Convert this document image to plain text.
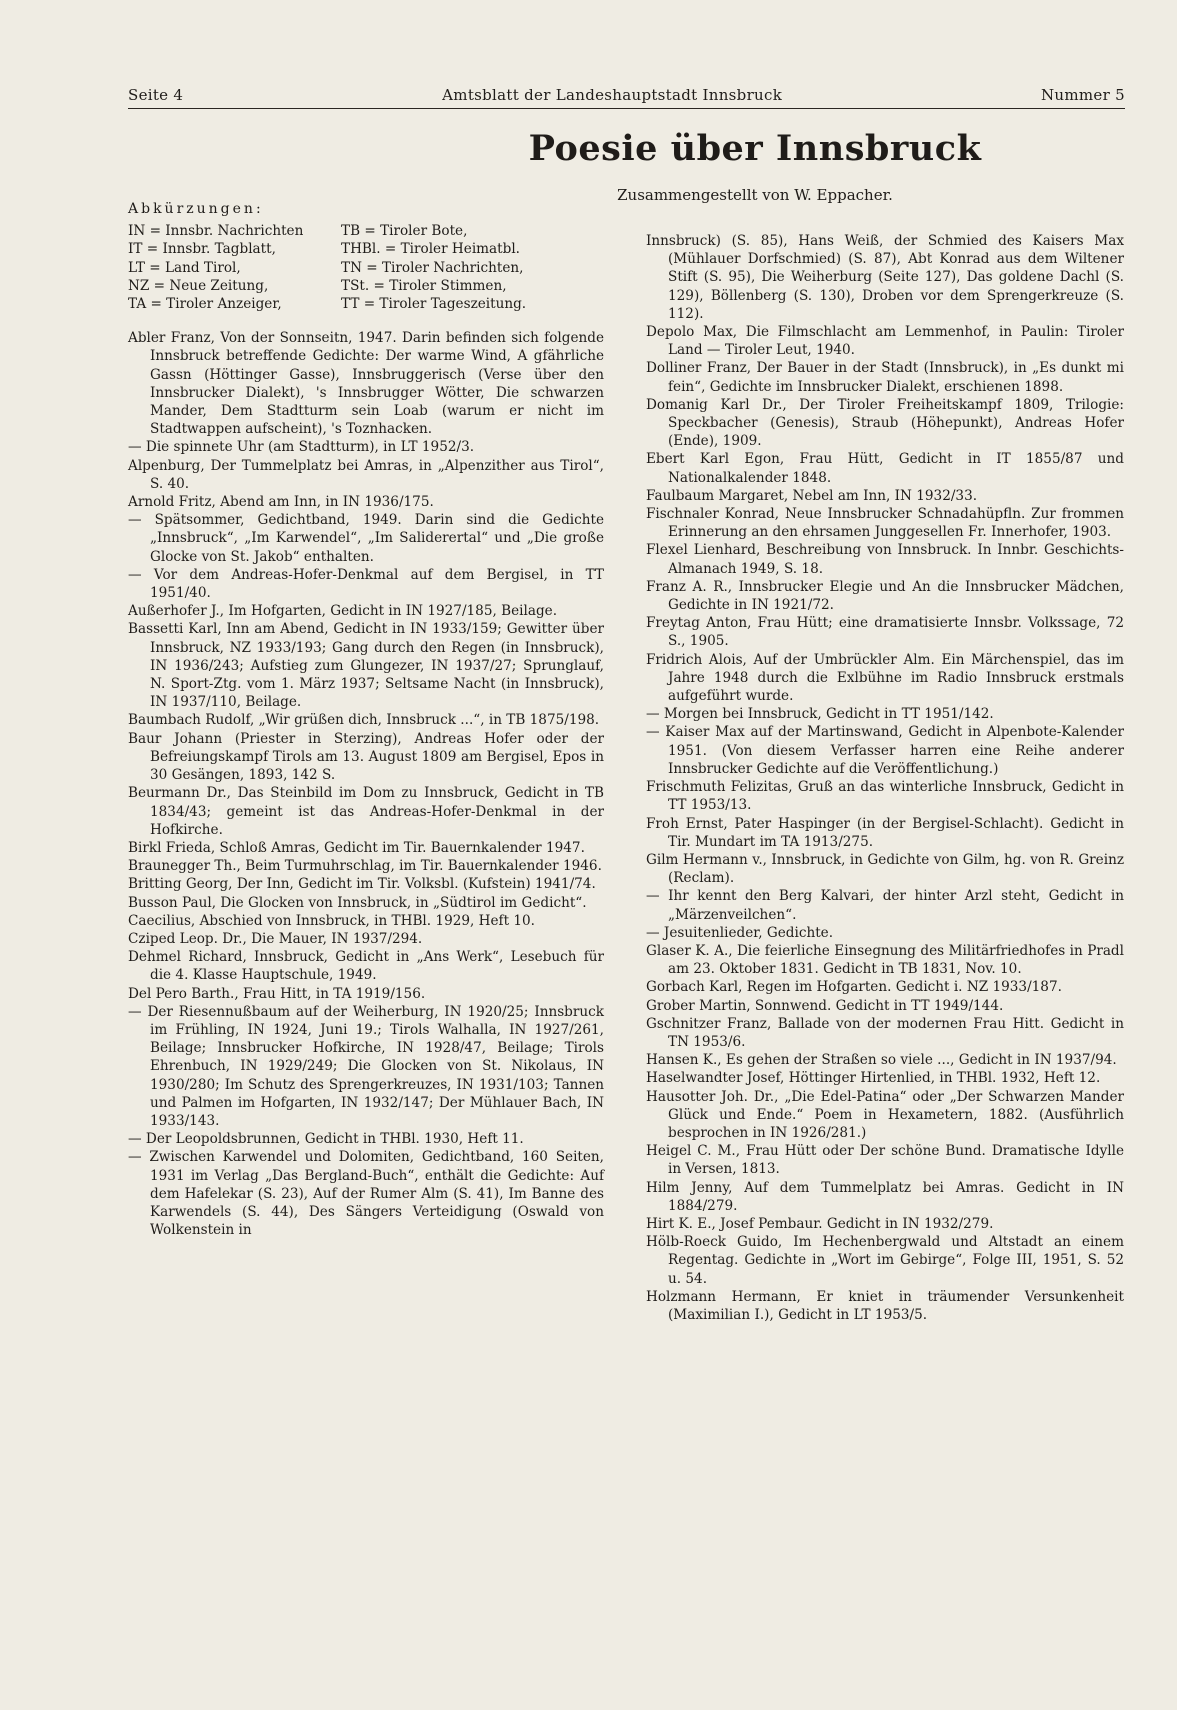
Seite 4	Amtsblatt der Landeshauptstadt Innsbruck	Nummer 5
Poesie über Innsbruck
Zusammengestellt von W. Eppacher.
Abkürzungen:
IN = Innsbr. Nachrichten	TB = Tiroler Bote,
IT = Innsbr. Tagblatt,	THBl. = Tiroler Heimatbl.
LT = Land Tirol,	TN = Tiroler Nachrichten,
NZ = Neue Zeitung,	TSt. = Tiroler Stimmen,
TA = Tiroler Anzeiger,	TT = Tiroler Tageszeitung.

Abler Franz, Von der Sonnseitn, 1947. Darin befinden sich folgende Innsbruck betreffende Gedichte: Der warme Wind, A gfährliche Gassn (Höttinger Gasse), Innsbruggerisch (Verse über den Innsbrucker Dialekt), 's Innsbrugger Wötter, Die schwarzen Mander, Dem Stadtturm sein Loab (warum er nicht im Stadtwappen aufscheint), 's Toznhacken.

— Die spinnete Uhr (am Stadtturm), in LT 1952/3.

Alpenburg, Der Tummelplatz bei Amras, in „Alpenzither aus Tirol“, S. 40.

Arnold Fritz, Abend am Inn, in IN 1936/175.

— Spätsommer, Gedichtband, 1949. Darin sind die Gedichte „Innsbruck“, „Im Karwendel“, „Im Saliderertal“ und „Die große Glocke von St. Jakob“ enthalten.

— Vor dem Andreas-Hofer-Denkmal auf dem Bergisel, in TT 1951/40.

Außerhofer J., Im Hofgarten, Gedicht in IN 1927/185, Beilage.

Bassetti Karl, Inn am Abend, Gedicht in IN 1933/159; Gewitter über Innsbruck, NZ 1933/193; Gang durch den Regen (in Innsbruck), IN 1936/243; Aufstieg zum Glungezer, IN 1937/27; Sprunglauf, N. Sport-Ztg. vom 1. März 1937; Seltsame Nacht (in Innsbruck), IN 1937/110, Beilage.

Baumbach Rudolf, „Wir grüßen dich, Innsbruck ...“, in TB 1875/198.

Baur Johann (Priester in Sterzing), Andreas Hofer oder der Befreiungskampf Tirols am 13. August 1809 am Bergisel, Epos in 30 Gesängen, 1893, 142 S.

Beurmann Dr., Das Steinbild im Dom zu Innsbruck, Gedicht in TB 1834/43; gemeint ist das Andreas-Hofer-Denkmal in der Hofkirche.

Birkl Frieda, Schloß Amras, Gedicht im Tir. Bauernkalender 1947.

Braunegger Th., Beim Turmuhrschlag, im Tir. Bauernkalender 1946.

Britting Georg, Der Inn, Gedicht im Tir. Volksbl. (Kufstein) 1941/74.

Busson Paul, Die Glocken von Innsbruck, in „Südtirol im Gedicht“.

Caecilius, Abschied von Innsbruck, in THBl. 1929, Heft 10.

Cziped Leop. Dr., Die Mauer, IN 1937/294.

Dehmel Richard, Innsbruck, Gedicht in „Ans Werk“, Lesebuch für die 4. Klasse Hauptschule, 1949.

Del Pero Barth., Frau Hitt, in TA 1919/156.

— Der Riesennußbaum auf der Weiherburg, IN 1920/25; Innsbruck im Frühling, IN 1924, Juni 19.; Tirols Walhalla, IN 1927/261, Beilage; Innsbrucker Hofkirche, IN 1928/47, Beilage; Tirols Ehrenbuch, IN 1929/249; Die Glocken von St. Nikolaus, IN 1930/280; Im Schutz des Sprengerkreuzes, IN 1931/103; Tannen und Palmen im Hofgarten, IN 1932/147; Der Mühlauer Bach, IN 1933/143.

— Der Leopoldsbrunnen, Gedicht in THBl. 1930, Heft 11.

— Zwischen Karwendel und Dolomiten, Gedichtband, 160 Seiten, 1931 im Verlag „Das Bergland-Buch“, enthält die Gedichte: Auf dem Hafelekar (S. 23), Auf der Rumer Alm (S. 41), Im Banne des Karwendels (S. 44), Des Sängers Verteidigung (Oswald von Wolkenstein in

Innsbruck) (S. 85), Hans Weiß, der Schmied des Kaisers Max (Mühlauer Dorfschmied) (S. 87), Abt Konrad aus dem Wiltener Stift (S. 95), Die Weiherburg (Seite 127), Das goldene Dachl (S. 129), Böllenberg (S. 130), Droben vor dem Sprengerkreuze (S. 112).

Depolo Max, Die Filmschlacht am Lemmenhof, in Paulin: Tiroler Land — Tiroler Leut, 1940.

Dolliner Franz, Der Bauer in der Stadt (Innsbruck), in „Es dunkt mi fein“, Gedichte im Innsbrucker Dialekt, erschienen 1898.

Domanig Karl Dr., Der Tiroler Freiheitskampf 1809, Trilogie: Speckbacher (Genesis), Straub (Höhepunkt), Andreas Hofer (Ende), 1909.

Ebert Karl Egon, Frau Hütt, Gedicht in IT 1855/87 und Nationalkalender 1848.

Faulbaum Margaret, Nebel am Inn, IN 1932/33.

Fischnaler Konrad, Neue Innsbrucker Schnadahüpfln. Zur frommen Erinnerung an den ehrsamen Junggesellen Fr. Innerhofer, 1903.

Flexel Lienhard, Beschreibung von Innsbruck. In Innbr. Geschichts-Almanach 1949, S. 18.

Franz A. R., Innsbrucker Elegie und An die Innsbrucker Mädchen, Gedichte in IN 1921/72.

Freytag Anton, Frau Hütt; eine dramatisierte Innsbr. Volkssage, 72 S., 1905.

Fridrich Alois, Auf der Umbrückler Alm. Ein Märchenspiel, das im Jahre 1948 durch die Exlbühne im Radio Innsbruck erstmals aufgeführt wurde.

— Morgen bei Innsbruck, Gedicht in TT 1951/142.

— Kaiser Max auf der Martinswand, Gedicht in Alpenbote-Kalender 1951. (Von diesem Verfasser harren eine Reihe anderer Innsbrucker Gedichte auf die Veröffentlichung.)

Frischmuth Felizitas, Gruß an das winterliche Innsbruck, Gedicht in TT 1953/13.

Froh Ernst, Pater Haspinger (in der Bergisel-Schlacht). Gedicht in Tir. Mundart im TA 1913/275.

Gilm Hermann v., Innsbruck, in Gedichte von Gilm, hg. von R. Greinz (Reclam).

— Ihr kennt den Berg Kalvari, der hinter Arzl steht, Gedicht in „Märzenveilchen“.

— Jesuitenlieder, Gedichte.

Glaser K. A., Die feierliche Einsegnung des Militärfriedhofes in Pradl am 23. Oktober 1831. Gedicht in TB 1831, Nov. 10.

Gorbach Karl, Regen im Hofgarten. Gedicht i. NZ 1933/187.

Grober Martin, Sonnwend. Gedicht in TT 1949/144.

Gschnitzer Franz, Ballade von der modernen Frau Hitt. Gedicht in TN 1953/6.

Hansen K., Es gehen der Straßen so viele ..., Gedicht in IN 1937/94.

Haselwandter Josef, Höttinger Hirtenlied, in THBl. 1932, Heft 12.

Hausotter Joh. Dr., „Die Edel-Patina“ oder „Der Schwarzen Mander Glück und Ende.“ Poem in Hexametern, 1882. (Ausführlich besprochen in IN 1926/281.)

Heigel C. M., Frau Hütt oder Der schöne Bund. Dramatische Idylle in Versen, 1813.

Hilm Jenny, Auf dem Tummelplatz bei Amras. Gedicht in IN 1884/279.

Hirt K. E., Josef Pembaur. Gedicht in IN 1932/279.

Hölb-Roeck Guido, Im Hechenbergwald und Altstadt an einem Regentag. Gedichte in „Wort im Gebirge“, Folge III, 1951, S. 52 u. 54.

Holzmann Hermann, Er kniet in träumender Versunkenheit (Maximilian I.), Gedicht in LT 1953/5.
